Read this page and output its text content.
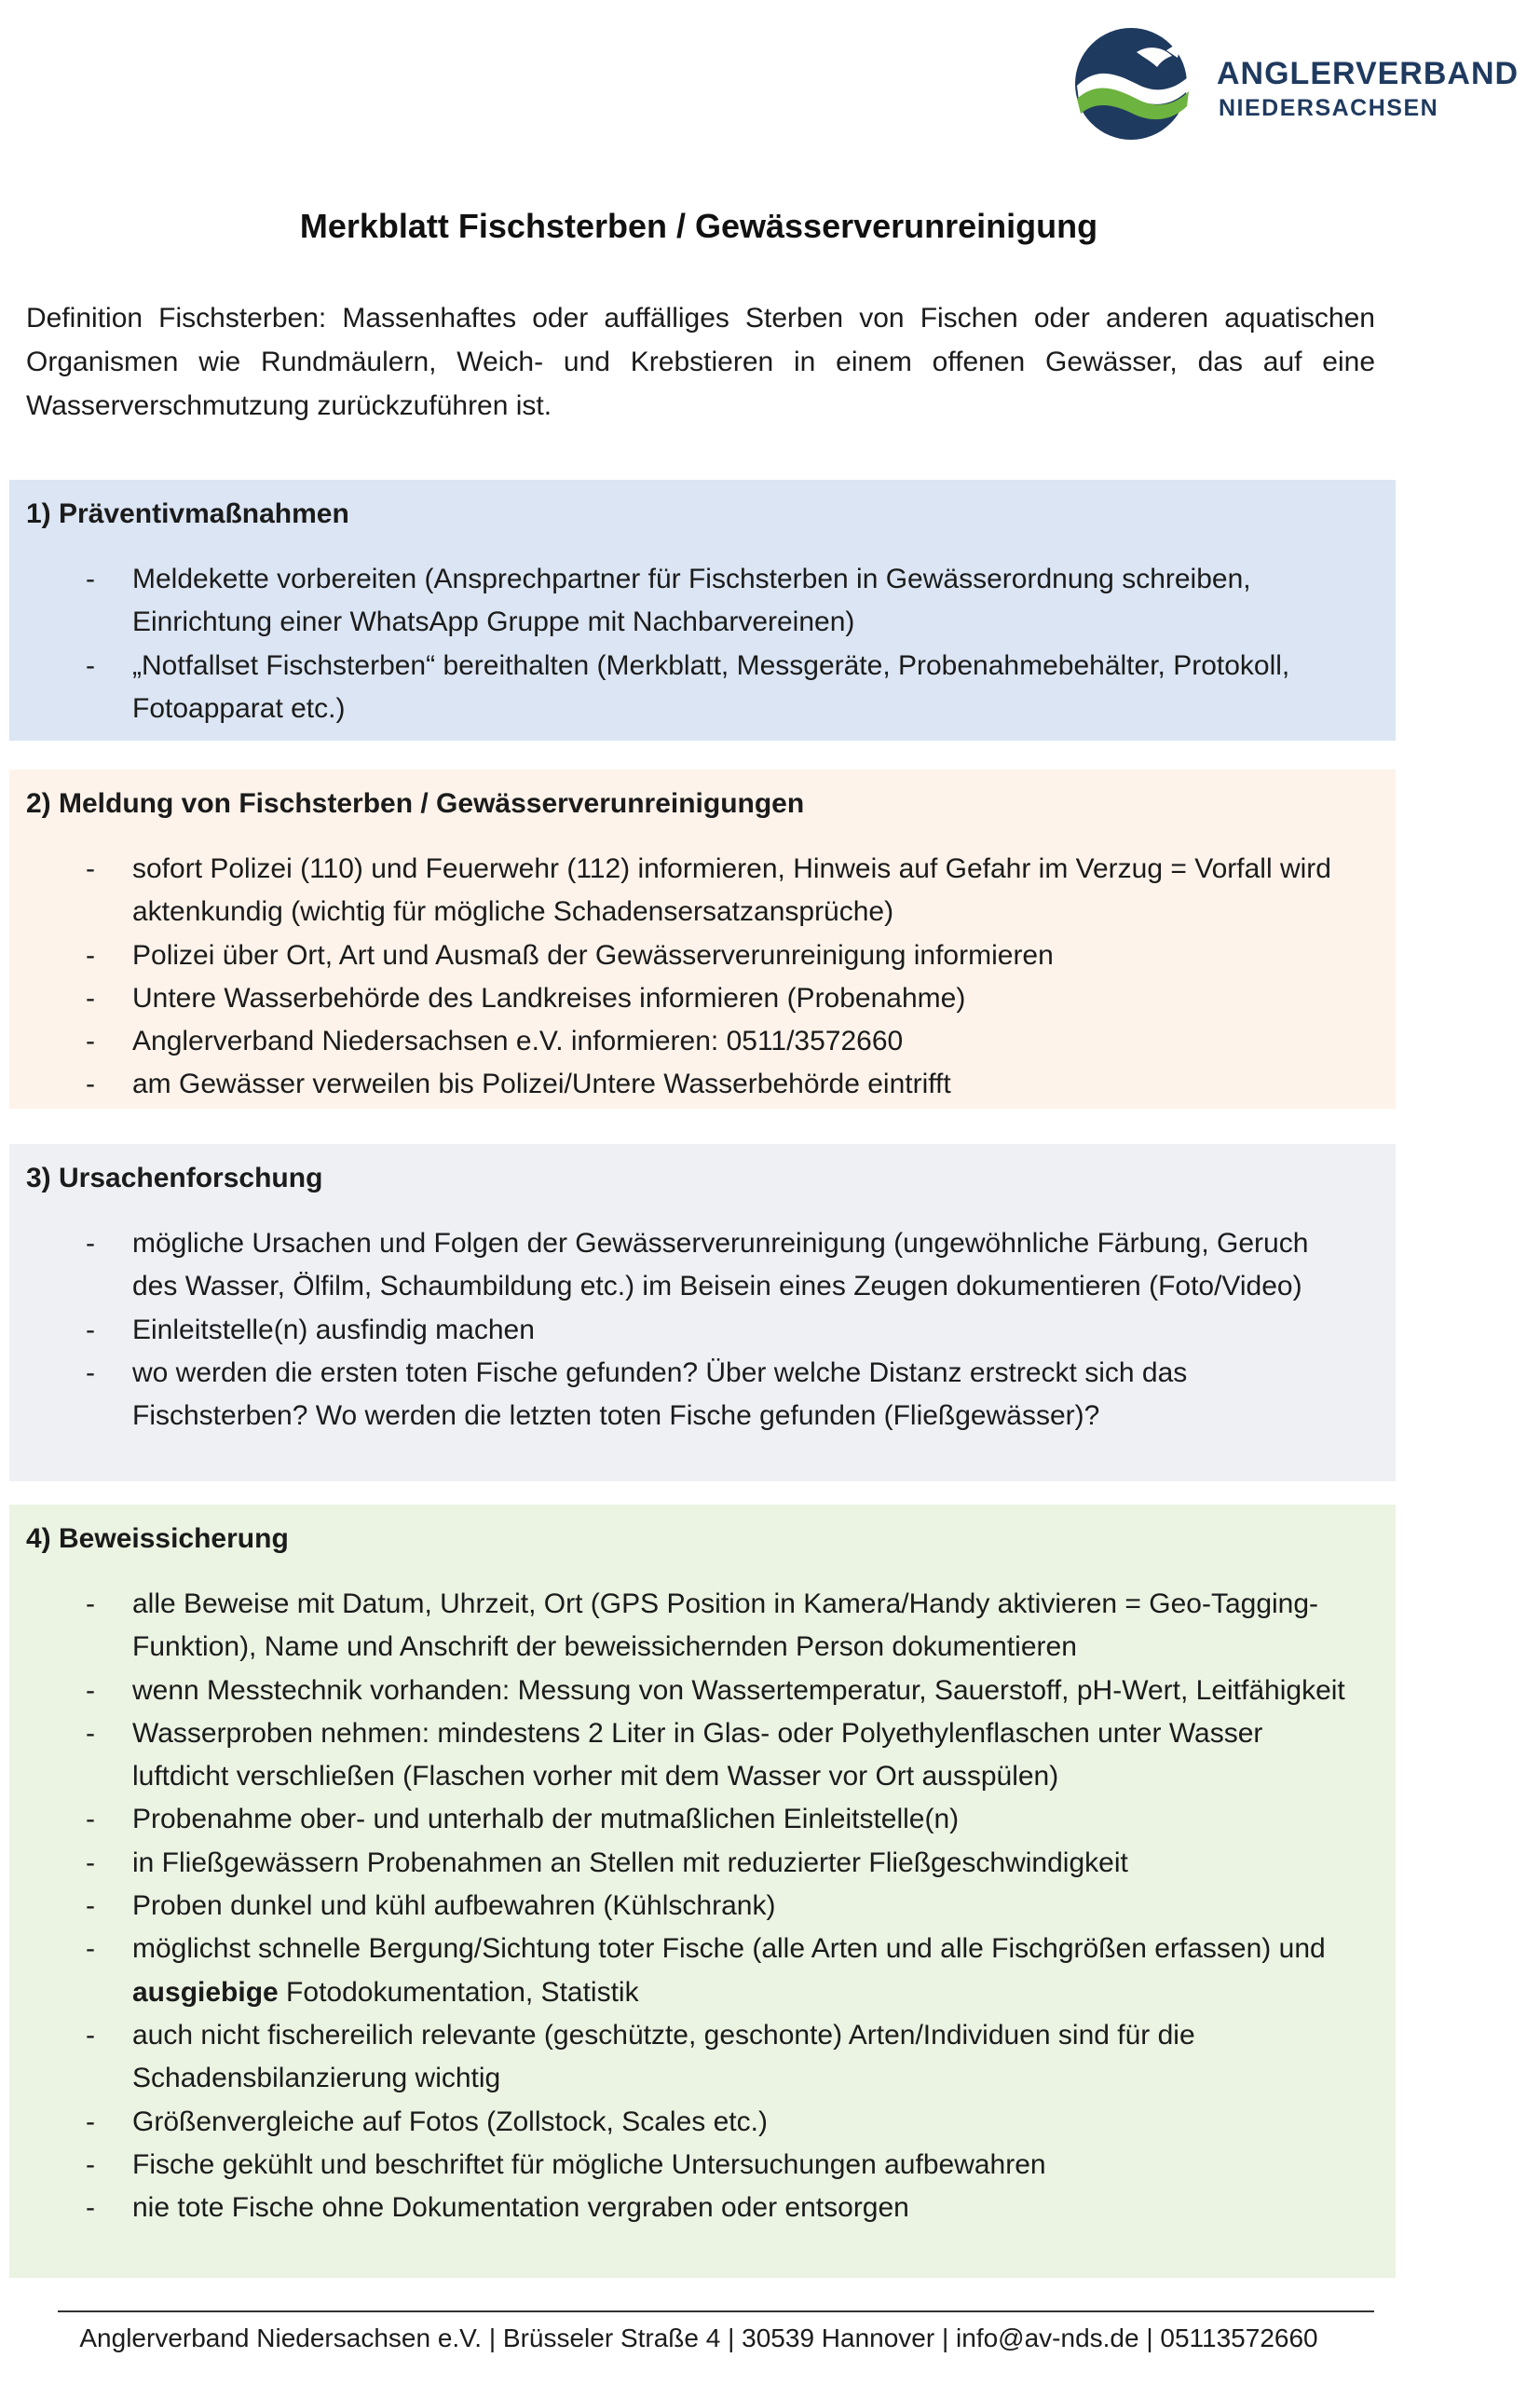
ANGLERVERBAND
NIEDERSACHSEN
Merkblatt Fischsterben / Gewässerverunreinigung
Definition Fischsterben: Massenhaftes oder auffälliges Sterben von Fischen oder anderen aquatischen Organismen wie Rundmäulern, Weich- und Krebstieren in einem offenen Gewässer, das auf eine Wasserverschmutzung zurückzuführen ist.
1) Präventivmaßnahmen
- Meldekette vorbereiten (Ansprechpartner für Fischsterben in Gewässerordnung schreiben, Einrichtung einer WhatsApp Gruppe mit Nachbarvereinen)
- „Notfallset Fischsterben“ bereithalten (Merkblatt, Messgeräte, Probenahmebehälter, Protokoll, Fotoapparat etc.)
2) Meldung von Fischsterben / Gewässerverunreinigungen
- sofort Polizei (110) und Feuerwehr (112) informieren, Hinweis auf Gefahr im Verzug = Vorfall wird aktenkundig (wichtig für mögliche Schadensersatzansprüche)
- Polizei über Ort, Art und Ausmaß der Gewässerverunreinigung informieren
- Untere Wasserbehörde des Landkreises informieren (Probenahme)
- Anglerverband Niedersachsen e.V. informieren: 0511/3572660
- am Gewässer verweilen bis Polizei/Untere Wasserbehörde eintrifft
3) Ursachenforschung
- mögliche Ursachen und Folgen der Gewässerverunreinigung (ungewöhnliche Färbung, Geruch des Wasser, Ölfilm, Schaumbildung etc.) im Beisein eines Zeugen dokumentieren (Foto/Video)
- Einleitstelle(n) ausfindig machen
- wo werden die ersten toten Fische gefunden? Über welche Distanz erstreckt sich das Fischsterben? Wo werden die letzten toten Fische gefunden (Fließgewässer)?
4) Beweissicherung
- alle Beweise mit Datum, Uhrzeit, Ort (GPS Position in Kamera/Handy aktivieren = Geo-Tagging-Funktion), Name und Anschrift der beweissichernden Person dokumentieren
- wenn Messtechnik vorhanden: Messung von Wassertemperatur, Sauerstoff, pH-Wert, Leitfähigkeit
- Wasserproben nehmen: mindestens 2 Liter in Glas- oder Polyethylenflaschen unter Wasser luftdicht verschließen (Flaschen vorher mit dem Wasser vor Ort ausspülen)
- Probenahme ober- und unterhalb der mutmaßlichen Einleitstelle(n)
- in Fließgewässern Probenahmen an Stellen mit reduzierter Fließgeschwindigkeit
- Proben dunkel und kühl aufbewahren (Kühlschrank)
- möglichst schnelle Bergung/Sichtung toter Fische (alle Arten und alle Fischgrößen erfassen) und ausgiebige Fotodokumentation, Statistik
- auch nicht fischereilich relevante (geschützte, geschonte) Arten/Individuen sind für die Schadensbilanzierung wichtig
- Größenvergleiche auf Fotos (Zollstock, Scales etc.)
- Fische gekühlt und beschriftet für mögliche Untersuchungen aufbewahren
- nie tote Fische ohne Dokumentation vergraben oder entsorgen
Anglerverband Niedersachsen e.V. | Brüsseler Straße 4 | 30539 Hannover | info@av-nds.de | 05113572660
